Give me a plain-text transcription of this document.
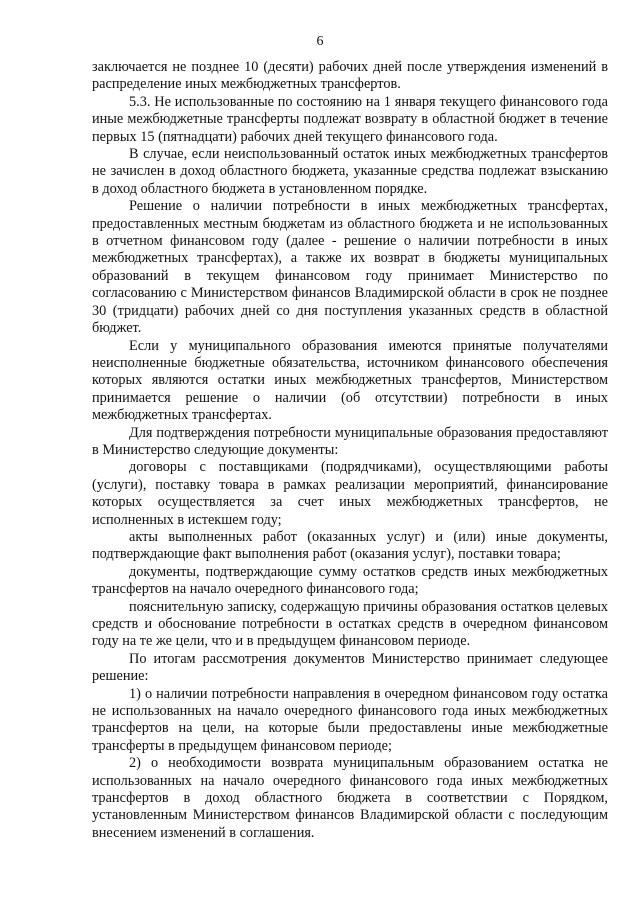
6

заключается не позднее 10 (десяти) рабочих дней после утверждения изменений в распределение иных межбюджетных трансфертов.

5.3. Не использованные по состоянию на 1 января текущего финансового года иные межбюджетные трансферты подлежат возврату в областной бюджет в течение первых 15 (пятнадцати) рабочих дней текущего финансового года.

В случае, если неиспользованный остаток иных межбюджетных трансфертов не зачислен в доход областного бюджета, указанные средства подлежат взысканию в доход областного бюджета в установленном порядке.

Решение о наличии потребности в иных межбюджетных трансфертах, предоставленных местным бюджетам из областного бюджета и не использованных в отчетном финансовом году (далее - решение о наличии потребности в иных межбюджетных трансфертах), а также их возврат в бюджеты муниципальных образований в текущем финансовом году принимает Министерство по согласованию с Министерством финансов Владимирской области в срок не позднее 30 (тридцати) рабочих дней со дня поступления указанных средств в областной бюджет.

Если у муниципального образования имеются принятые получателями неисполненные бюджетные обязательства, источником финансового обеспечения которых являются остатки иных межбюджетных трансфертов, Министерством принимается решение о наличии (об отсутствии) потребности в иных межбюджетных трансфертах.

Для подтверждения потребности муниципальные образования предоставляют в Министерство следующие документы:

договоры с поставщиками (подрядчиками), осуществляющими работы (услуги), поставку товара в рамках реализации мероприятий, финансирование которых осуществляется за счет иных межбюджетных трансфертов, не исполненных в истекшем году;

акты выполненных работ (оказанных услуг) и (или) иные документы, подтверждающие факт выполнения работ (оказания услуг), поставки товара;

документы, подтверждающие сумму остатков средств иных межбюджетных трансфертов на начало очередного финансового года;

пояснительную записку, содержащую причины образования остатков целевых средств и обоснование потребности в остатках средств в очередном финансовом году на те же цели, что и в предыдущем финансовом периоде.

По итогам рассмотрения документов Министерство принимает следующее решение:

1) о наличии потребности направления в очередном финансовом году остатка не использованных на начало очередного финансового года иных межбюджетных трансфертов на цели, на которые были предоставлены иные межбюджетные трансферты в предыдущем финансовом периоде;

2) о необходимости возврата муниципальным образованием остатка не использованных на начало очередного финансового года иных межбюджетных трансфертов в доход областного бюджета в соответствии с Порядком, установленным Министерством финансов Владимирской области с последующим внесением изменений в соглашения.
